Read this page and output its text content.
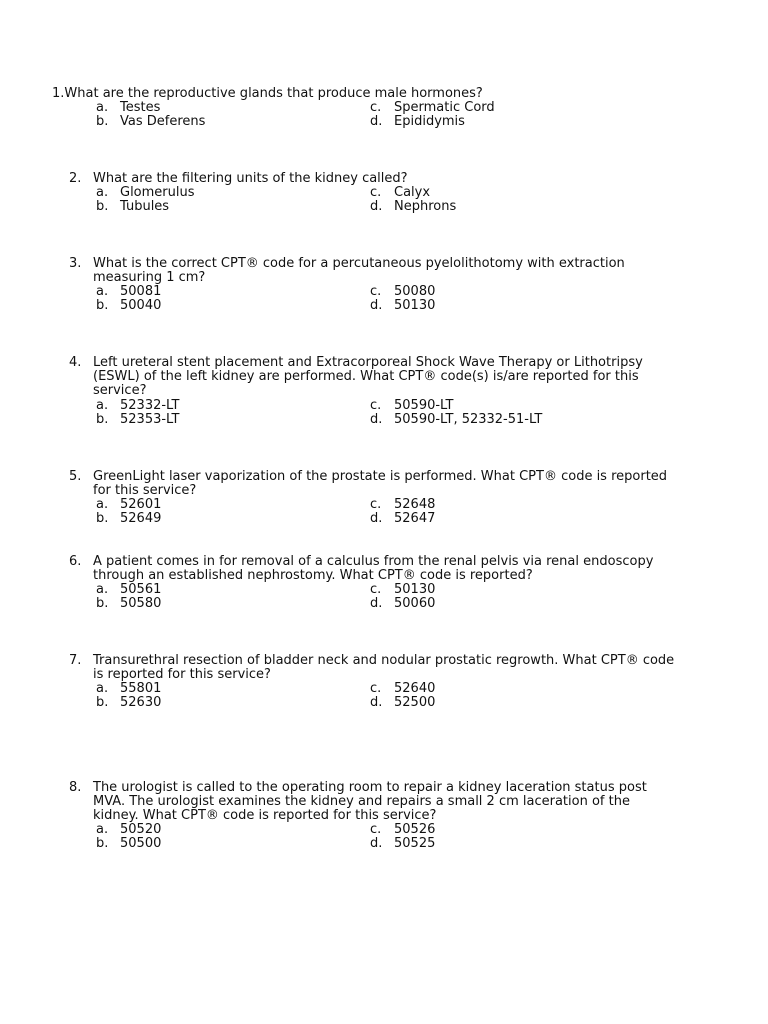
1.What are the reproductive glands that produce male hormones?
a. Testes
b. Vas Deferens
c. Spermatic Cord
d. Epididymis
2. What are the filtering units of the kidney called?
a. Glomerulus
b. Tubules
c. Calyx
d. Nephrons
3. What is the correct CPT® code for a percutaneous pyelolithotomy with extraction
measuring 1 cm?
a. 50081
b. 50040
c. 50080
d. 50130
4. Left ureteral stent placement and Extracorporeal Shock Wave Therapy or Lithotripsy
(ESWL) of the left kidney are performed. What CPT® code(s) is/are reported for this
service?
a. 52332-LT
b. 52353-LT
c. 50590-LT
d. 50590-LT, 52332-51-LT
5. GreenLight laser vaporization of the prostate is performed. What CPT® code is reported
for this service?
a. 52601
b. 52649
c. 52648
d. 52647
6. A patient comes in for removal of a calculus from the renal pelvis via renal endoscopy
through an established nephrostomy. What CPT® code is reported?
a. 50561
b. 50580
c. 50130
d. 50060
7. Transurethral resection of bladder neck and nodular prostatic regrowth. What CPT® code
is reported for this service?
a. 55801
b. 52630
c. 52640
d. 52500
8. The urologist is called to the operating room to repair a kidney laceration status post
MVA. The urologist examines the kidney and repairs a small 2 cm laceration of the
kidney. What CPT® code is reported for this service?
a. 50520
b. 50500
c. 50526
d. 50525
